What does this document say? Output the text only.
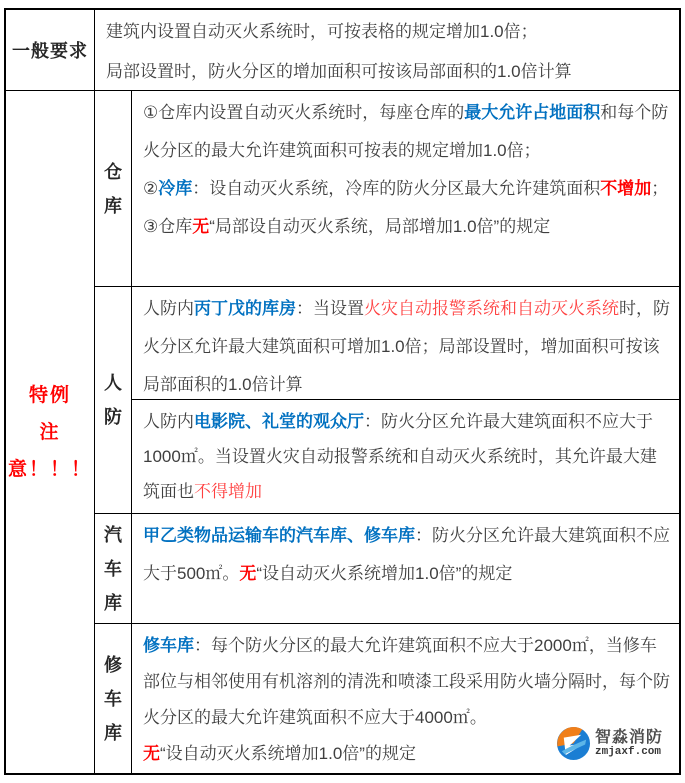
一般要求

建筑内设置自动灭火系统时，可按表格的规定增加1.0倍；

局部设置时，防火分区的增加面积可按该局部面积的1.0倍计算

特例
注
意！！！
仓库

①仓库内设置自动灭火系统时，每座仓库的最大允许占地面积和每个防火分区的最大允许建筑面积可按表的规定增加1.0倍；

②冷库：设自动灭火系统，冷库的防火分区最大允许建筑面积不增加；

③仓库无“局部设自动灭火系统，局部增加1.0倍”的规定

人防

人防内丙丁戊的库房：当设置火灾自动报警系统和自动灭火系统时，防火分区允许最大建筑面积可增加1.0倍；局部设置时，增加面积可按该局部面积的1.0倍计算

人防内电影院、礼堂的观众厅：防火分区允许最大建筑面积不应大于1000㎡。当设置火灾自动报警系统和自动灭火系统时，其允许最大建筑面也不得增加

汽车库

甲乙类物品运输车的汽车库、修车库：防火分区允许最大建筑面积不应大于500㎡。无“设自动灭火系统增加1.0倍”的规定

修车库

修车库：每个防火分区的最大允许建筑面积不应大于2000㎡，当修车部位与相邻使用有机溶剂的清洗和喷漆工段采用防火墙分隔时，每个防火分区的最大允许建筑面积不应大于4000㎡。

无“设自动灭火系统增加1.0倍”的规定

智淼消防
zmjaxf.com
